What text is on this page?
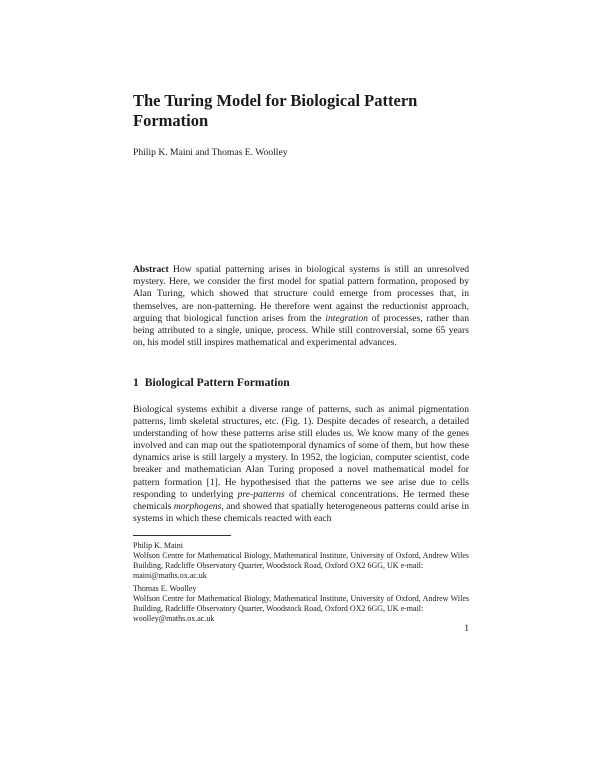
The Turing Model for Biological Pattern Formation
Philip K. Maini and Thomas E. Woolley

Abstract How spatial patterning arises in biological systems is still an unresolved mystery. Here, we consider the first model for spatial pattern formation, proposed by Alan Turing, which showed that structure could emerge from processes that, in themselves, are non-patterning. He therefore went against the reductionist approach, arguing that biological function arises from the integration of processes, rather than being attributed to a single, unique, process. While still controversial, some 65 years on, his model still inspires mathematical and experimental advances.

1 Biological Pattern Formation

Biological systems exhibit a diverse range of patterns, such as animal pigmentation patterns, limb skeletal structures, etc. (Fig. 1). Despite decades of research, a detailed understanding of how these patterns arise still eludes us. We know many of the genes involved and can map out the spatiotemporal dynamics of some of them, but how these dynamics arise is still largely a mystery. In 1952, the logician, computer scientist, code breaker and mathematician Alan Turing proposed a novel mathematical model for pattern formation [1]. He hypothesised that the patterns we see arise due to cells responding to underlying pre-patterns of chemical concentrations. He termed these chemicals morphogens, and showed that spatially heterogeneous patterns could arise in systems in which these chemicals reacted with each

Philip K. Maini
Wolfson Centre for Mathematical Biology, Mathematical Institute, University of Oxford, Andrew Wiles Building, Radcliffe Observatory Quarter, Woodstock Road, Oxford OX2 6GG, UK e-mail:
maini@maths.ox.ac.uk

Thomas E. Woolley
Wolfson Centre for Mathematical Biology, Mathematical Institute, University of Oxford, Andrew Wiles Building, Radcliffe Observatory Quarter, Woodstock Road, Oxford OX2 6GG, UK e-mail:
woolley@maths.ox.ac.uk

1
